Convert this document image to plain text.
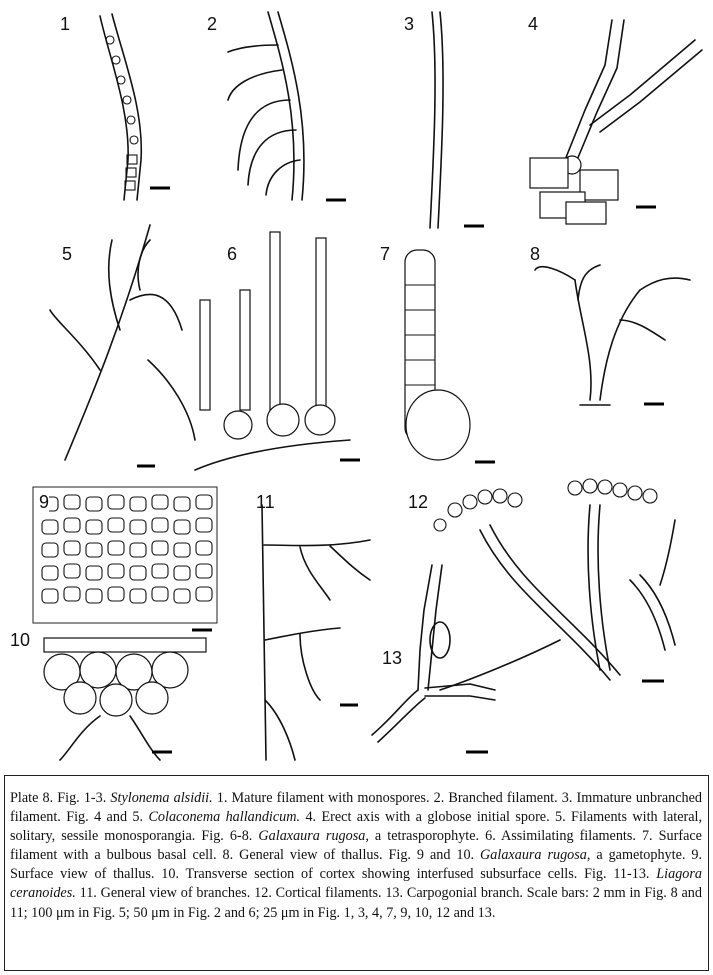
1	2	3	4
5	6	7	8
9
10
11	12
13
Plate 8. Fig. 1-3. Stylonema alsidii. 1. Mature filament with monospores. 2. Branched filament. 3. Immature unbranched filament. Fig. 4 and 5. Colaconema hallandicum. 4. Erect axis with a globose initial spore. 5. Filaments with lateral, solitary, sessile monosporangia. Fig. 6-8. Galaxaura rugosa, a tetrasporophyte. 6. Assimilating filaments. 7. Surface filament with a bulbous basal cell. 8. General view of thallus. Fig. 9 and 10. Galaxaura rugosa, a gametophyte. 9. Surface view of thallus. 10. Transverse section of cortex showing interfused subsurface cells. Fig. 11-13. Liagora ceranoides. 11. General view of branches. 12. Cortical filaments. 13. Carpogonial branch. Scale bars: 2 mm in Fig. 8 and 11; 100 μm in Fig. 5; 50 μm in Fig. 2 and 6; 25 μm in Fig. 1, 3, 4, 7, 9, 10, 12 and 13.
